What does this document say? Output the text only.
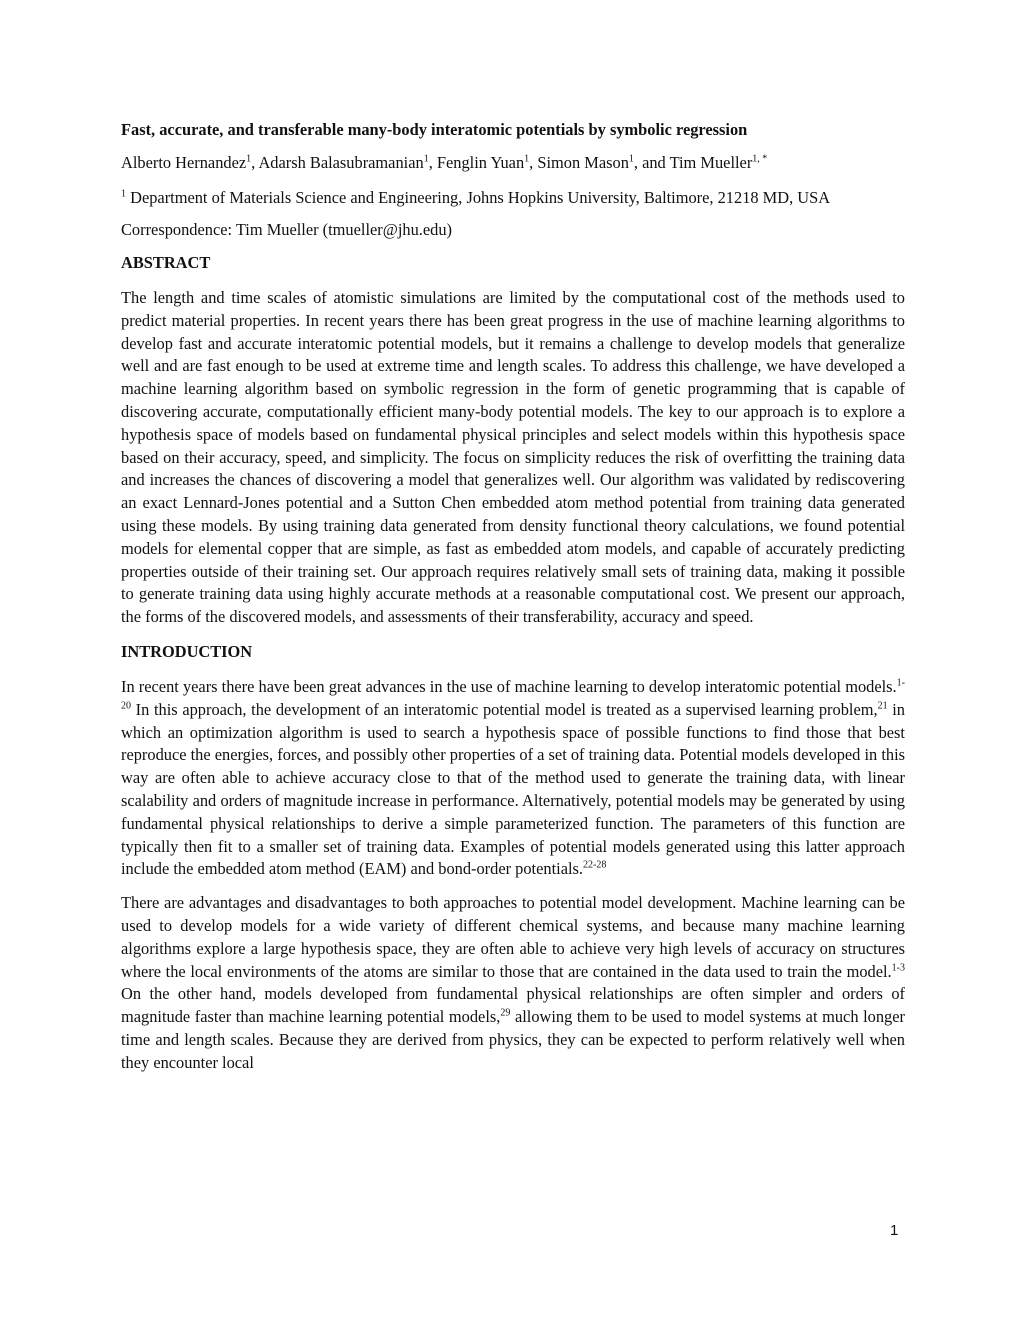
Fast, accurate, and transferable many-body interatomic potentials by symbolic regression
Alberto Hernandez$^1$, Adarsh Balasubramanian$^1$, Fenglin Yuan$^1$, Simon Mason$^1$, and Tim Mueller$^{1, *}$
$^1$ Department of Materials Science and Engineering, Johns Hopkins University, Baltimore, 21218 MD, USA
Correspondence: Tim Mueller (tmueller@jhu.edu)
ABSTRACT
The length and time scales of atomistic simulations are limited by the computational cost of the methods used to predict material properties. In recent years there has been great progress in the use of machine learning algorithms to develop fast and accurate interatomic potential models, but it remains a challenge to develop models that generalize well and are fast enough to be used at extreme time and length scales. To address this challenge, we have developed a machine learning algorithm based on symbolic regression in the form of genetic programming that is capable of discovering accurate, computationally efficient many-body potential models. The key to our approach is to explore a hypothesis space of models based on fundamental physical principles and select models within this hypothesis space based on their accuracy, speed, and simplicity. The focus on simplicity reduces the risk of overfitting the training data and increases the chances of discovering a model that generalizes well. Our algorithm was validated by rediscovering an exact Lennard-Jones potential and a Sutton Chen embedded atom method potential from training data generated using these models. By using training data generated from density functional theory calculations, we found potential models for elemental copper that are simple, as fast as embedded atom models, and capable of accurately predicting properties outside of their training set. Our approach requires relatively small sets of training data, making it possible to generate training data using highly accurate methods at a reasonable computational cost. We present our approach, the forms of the discovered models, and assessments of their transferability, accuracy and speed.
INTRODUCTION
In recent years there have been great advances in the use of machine learning to develop interatomic potential models.$^{1-20}$ In this approach, the development of an interatomic potential model is treated as a supervised learning problem,$^{21}$ in which an optimization algorithm is used to search a hypothesis space of possible functions to find those that best reproduce the energies, forces, and possibly other properties of a set of training data. Potential models developed in this way are often able to achieve accuracy close to that of the method used to generate the training data, with linear scalability and orders of magnitude increase in performance. Alternatively, potential models may be generated by using fundamental physical relationships to derive a simple parameterized function. The parameters of this function are typically then fit to a smaller set of training data. Examples of potential models generated using this latter approach include the embedded atom method (EAM) and bond-order potentials.$^{22-28}$
There are advantages and disadvantages to both approaches to potential model development. Machine learning can be used to develop models for a wide variety of different chemical systems, and because many machine learning algorithms explore a large hypothesis space, they are often able to achieve very high levels of accuracy on structures where the local environments of the atoms are similar to those that are contained in the data used to train the model.$^{1-3}$ On the other hand, models developed from fundamental physical relationships are often simpler and orders of magnitude faster than machine learning potential models,$^{29}$ allowing them to be used to model systems at much longer time and length scales. Because they are derived from physics, they can be expected to perform relatively well when they encounter local
1
